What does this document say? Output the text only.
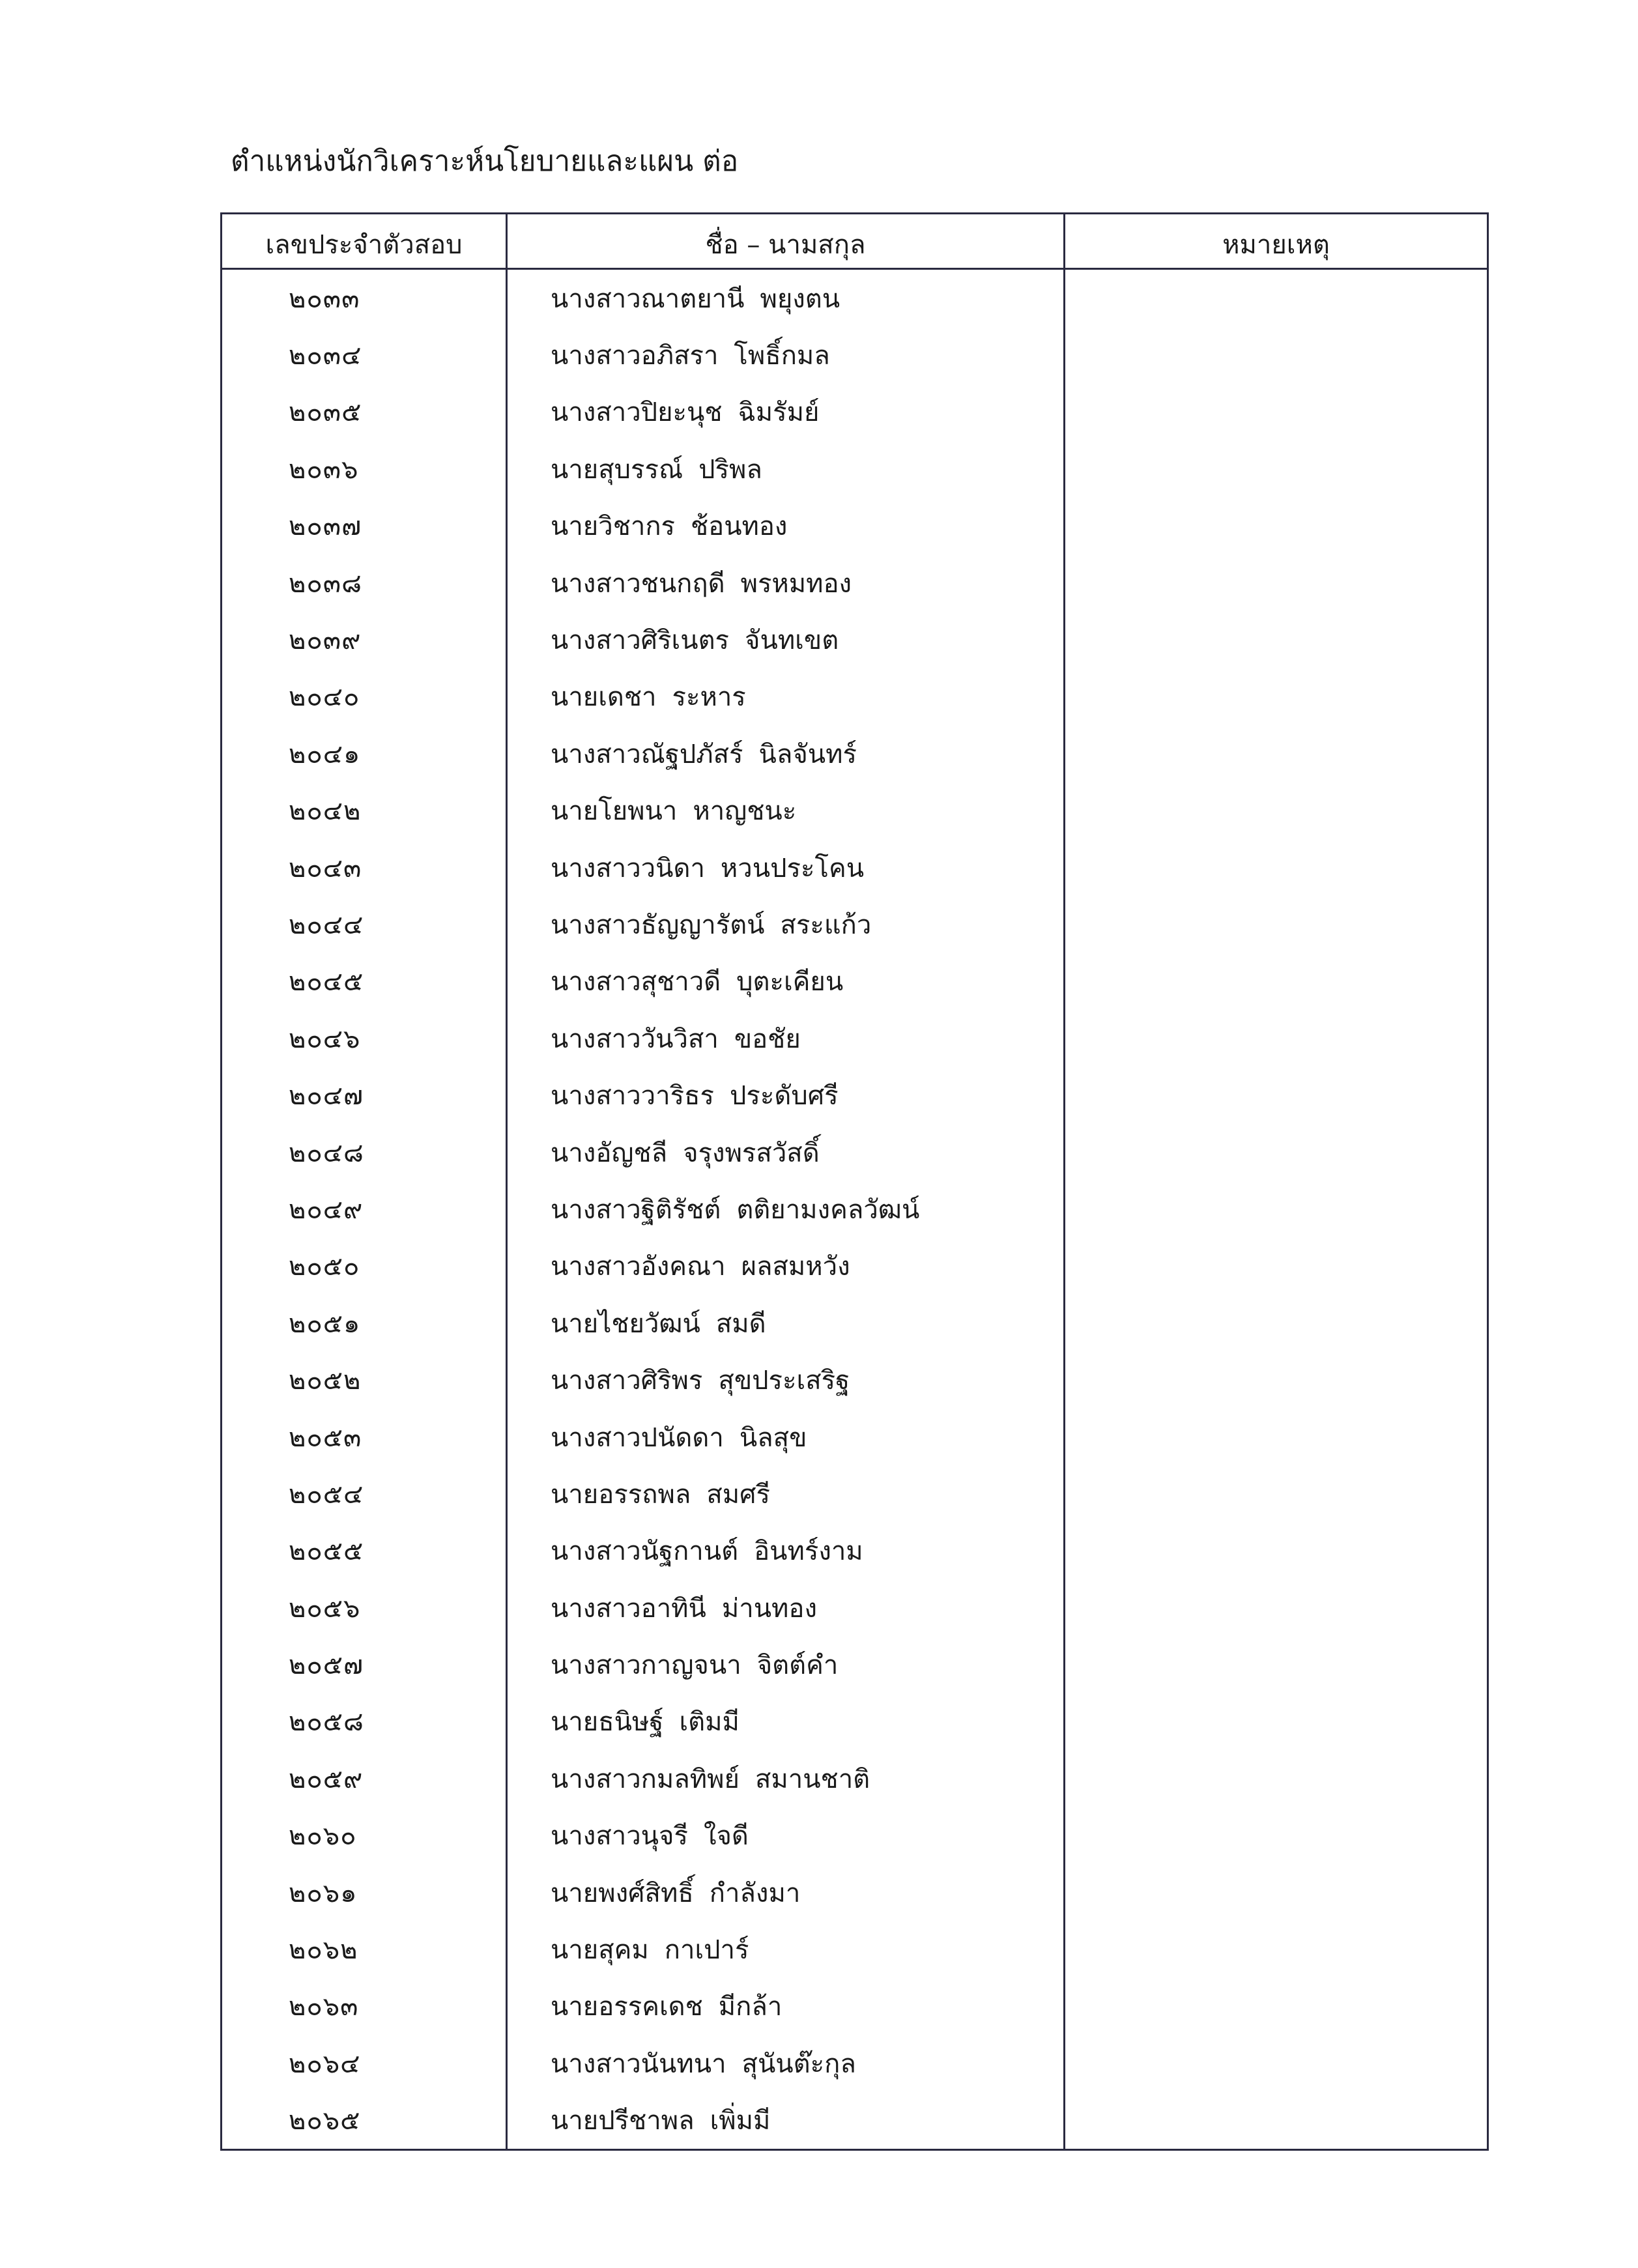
ตำแหน่งนักวิเคราะห์นโยบายและแผน ต่อ
เลขประจำตัวสอบ	ชื่อ – นามสกุล	หมายเหตุ
๒๐๓๓	นางสาวณาตยานี พยุงตน	
๒๐๓๔	นางสาวอภิสรา โพธิ์กมล	
๒๐๓๕	นางสาวปิยะนุช ฉิมรัมย์	
๒๐๓๖	นายสุบรรณ์ ปริพล	
๒๐๓๗	นายวิชากร ช้อนทอง	
๒๐๓๘	นางสาวชนกฤดี พรหมทอง	
๒๐๓๙	นางสาวศิริเนตร จันทเขต	
๒๐๔๐	นายเดชา ระหาร	
๒๐๔๑	นางสาวณัฐปภัสร์ นิลจันทร์	
๒๐๔๒	นายโยพนา หาญชนะ	
๒๐๔๓	นางสาววนิดา หวนประโคน	
๒๐๔๔	นางสาวธัญญารัตน์ สระแก้ว	
๒๐๔๕	นางสาวสุชาวดี บุตะเคียน	
๒๐๔๖	นางสาววันวิสา ขอชัย	
๒๐๔๗	นางสาววาริธร ประดับศรี	
๒๐๔๘	นางอัญชลี จรุงพรสวัสดิ์	
๒๐๔๙	นางสาวฐิติรัชต์ ตติยามงคลวัฒน์	
๒๐๕๐	นางสาวอังคณา ผลสมหวัง	
๒๐๕๑	นายไชยวัฒน์ สมดี	
๒๐๕๒	นางสาวศิริพร สุขประเสริฐ	
๒๐๕๓	นางสาวปนัดดา นิลสุข	
๒๐๕๔	นายอรรถพล สมศรี	
๒๐๕๕	นางสาวนัฐกานต์ อินทร์งาม	
๒๐๕๖	นางสาวอาทินี ม่านทอง	
๒๐๕๗	นางสาวกาญจนา จิตต์คำ	
๒๐๕๘	นายธนิษฐ์ เติมมี	
๒๐๕๙	นางสาวกมลทิพย์ สมานชาติ	
๒๐๖๐	นางสาวนุจรี ใจดี	
๒๐๖๑	นายพงศ์สิทธิ์ กำลังมา	
๒๐๖๒	นายสุคม กาเปาร์	
๒๐๖๓	นายอรรคเดช มีกล้า	
๒๐๖๔	นางสาวนันทนา สุนันต๊ะกุล	
๒๐๖๕	นายปรีชาพล เพิ่มมี	
